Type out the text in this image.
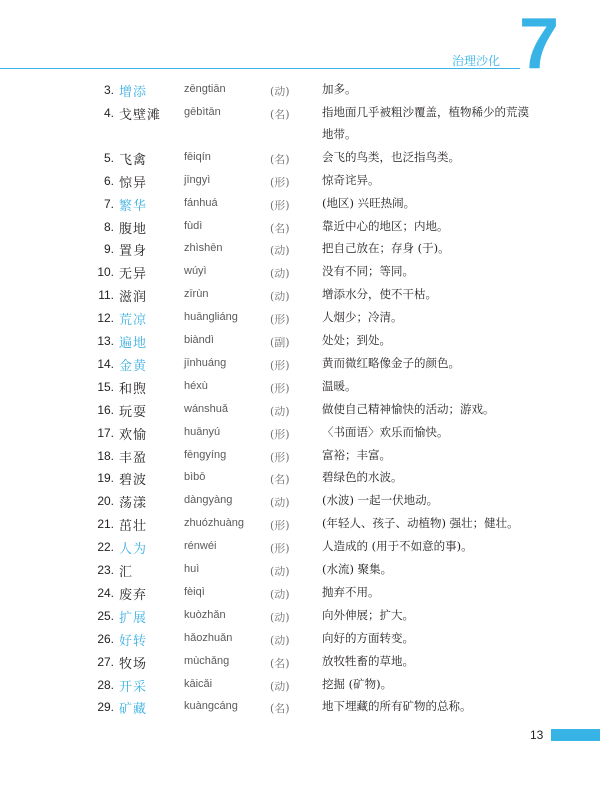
治理沙化 7
3. 增添	zēngtiān	(动)	加多。
4. 戈壁滩 gēbìtān	(名)	指地面几乎被粗沙覆盖，植物稀少的荒漠地带。
5. 飞禽	fēiqín	(名)	会飞的鸟类，也泛指鸟类。
6. 惊异	jīngyì	(形)	惊奇诧异。
7. 繁华	fánhuá	(形)	(地区) 兴旺热闹。
8. 腹地	fùdì	(名)	靠近中心的地区；内地。
9. 置身	zhìshēn	(动)	把自己放在；存身 (于)。
10. 无异	wúyì	(动)	没有不同；等同。
11. 滋润	zīrùn	(动)	增添水分，使不干枯。
12. 荒凉	huāngliáng	(形)	人烟少；冷清。
13. 遍地	biàndì	(副)	处处；到处。
14. 金黄	jīnhuáng	(形)	黄而微红略像金子的颜色。
15. 和煦	héxù	(形)	温暖。
16. 玩耍	wánshuǎ	(动)	做使自己精神愉快的活动；游戏。
17. 欢愉	huānyú	(形)	〈书面语〉欢乐而愉快。
18. 丰盈	fēngyíng	(形)	富裕；丰富。
19. 碧波	bìbō	(名)	碧绿色的水波。
20. 荡漾	dàngyàng	(动)	(水波) 一起一伏地动。
21. 茁壮	zhuózhuàng (形)	(年轻人、孩子、动植物) 强壮；健壮。
22. 人为	rénwéi	(形)	人造成的 (用于不如意的事)。
23. 汇	huì	(动)	(水流) 聚集。
24. 废弃	fèiqì	(动)	抛弃不用。
25. 扩展	kuòzhǎn	(动)	向外伸展；扩大。
26. 好转	hǎozhuǎn	(动)	向好的方面转变。
27. 牧场	mùchǎng	(名)	放牧牲畜的草地。
28. 开采	kāicǎi	(动)	挖掘 (矿物)。
29. 矿藏	kuàngcáng	(名)	地下埋藏的所有矿物的总称。
13
